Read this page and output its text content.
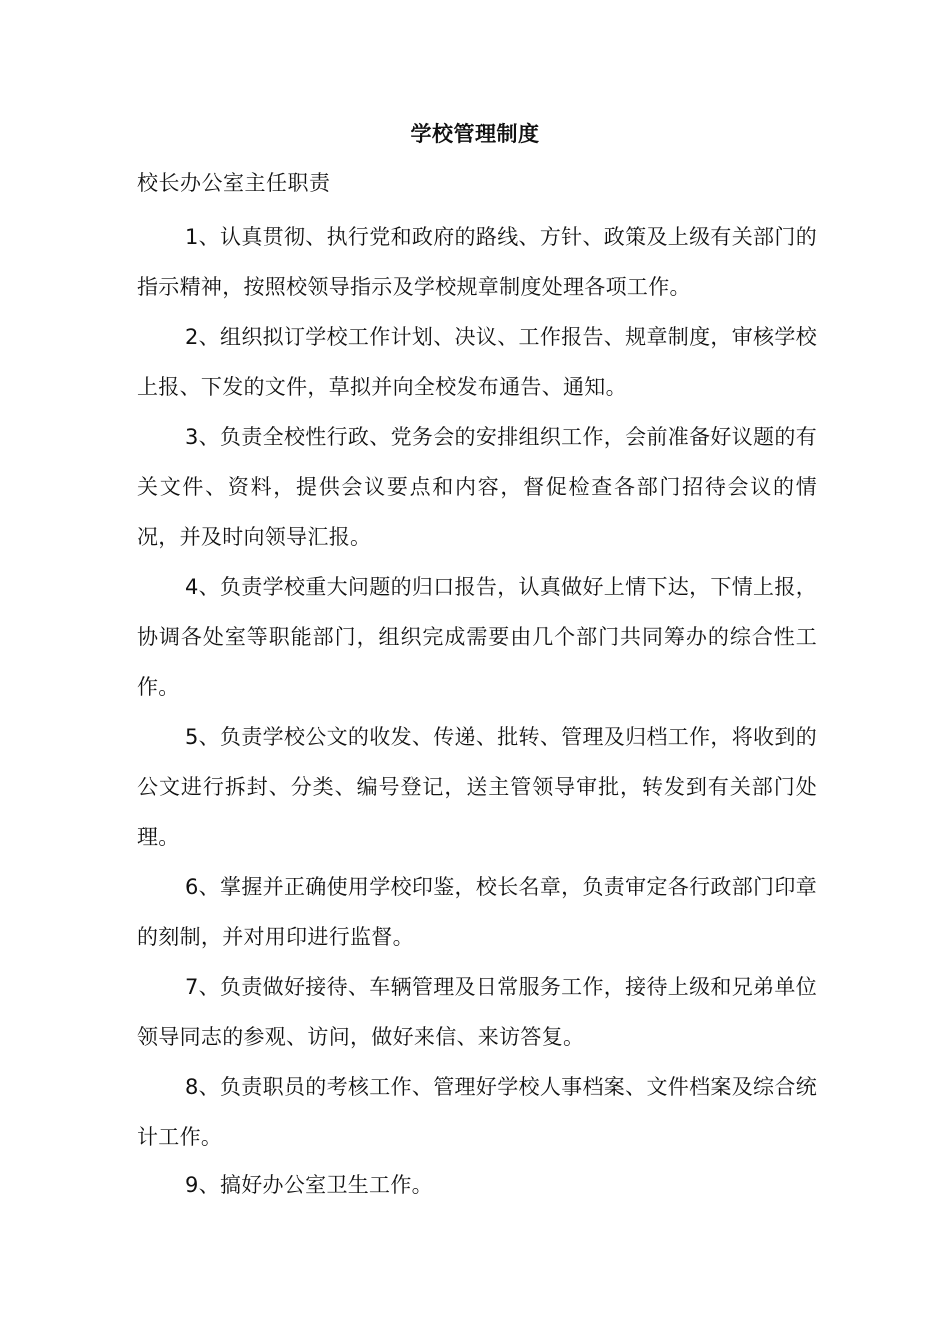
学校管理制度
校长办公室主任职责
1、认真贯彻、执行党和政府的路线、方针、政策及上级有关部门的指示精神，按照校领导指示及学校规章制度处理各项工作。
2、组织拟订学校工作计划、决议、工作报告、规章制度，审核学校上报、下发的文件，草拟并向全校发布通告、通知。
3、负责全校性行政、党务会的安排组织工作，会前准备好议题的有关文件、资料，提供会议要点和内容，督促检查各部门招待会议的情况，并及时向领导汇报。
4、负责学校重大问题的归口报告，认真做好上情下达，下情上报，协调各处室等职能部门，组织完成需要由几个部门共同筹办的综合性工作。
5、负责学校公文的收发、传递、批转、管理及归档工作，将收到的公文进行拆封、分类、编号登记，送主管领导审批，转发到有关部门处理。
6、掌握并正确使用学校印鉴，校长名章，负责审定各行政部门印章的刻制，并对用印进行监督。
7、负责做好接待、车辆管理及日常服务工作，接待上级和兄弟单位领导同志的参观、访问，做好来信、来访答复。
8、负责职员的考核工作、管理好学校人事档案、文件档案及综合统计工作。
9、搞好办公室卫生工作。
